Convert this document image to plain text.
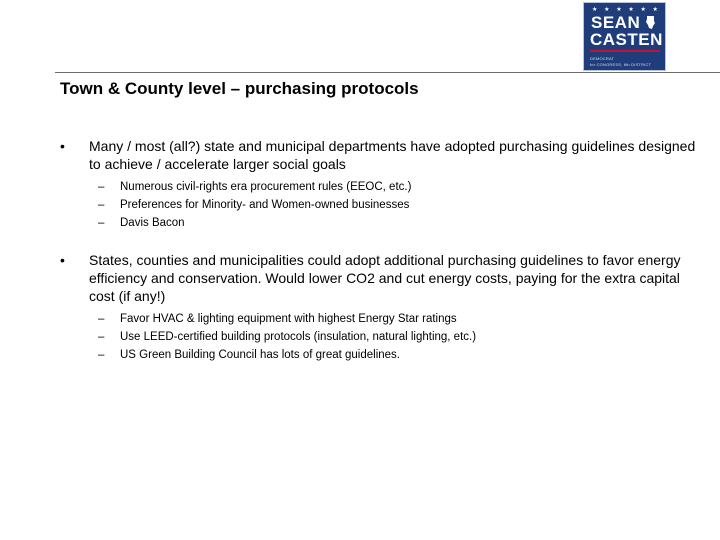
★ ★ ★ ★ ★ ★
SEAN
CASTEN
DEMOCRAT
for CONGRESS, 6th DISTRICT
Town & County level – purchasing protocols
• Many / most (all?) state and municipal departments have adopted purchasing guidelines designed to achieve / accelerate larger social goals
– Numerous civil-rights era procurement rules (EEOC, etc.)
– Preferences for Minority- and Women-owned businesses
– Davis Bacon
• States, counties and municipalities could adopt additional purchasing guidelines to favor energy efficiency and conservation. Would lower CO2 and cut energy costs, paying for the extra capital cost (if any!)
– Favor HVAC & lighting equipment with highest Energy Star ratings
– Use LEED-certified building protocols (insulation, natural lighting, etc.)
– US Green Building Council has lots of great guidelines.
